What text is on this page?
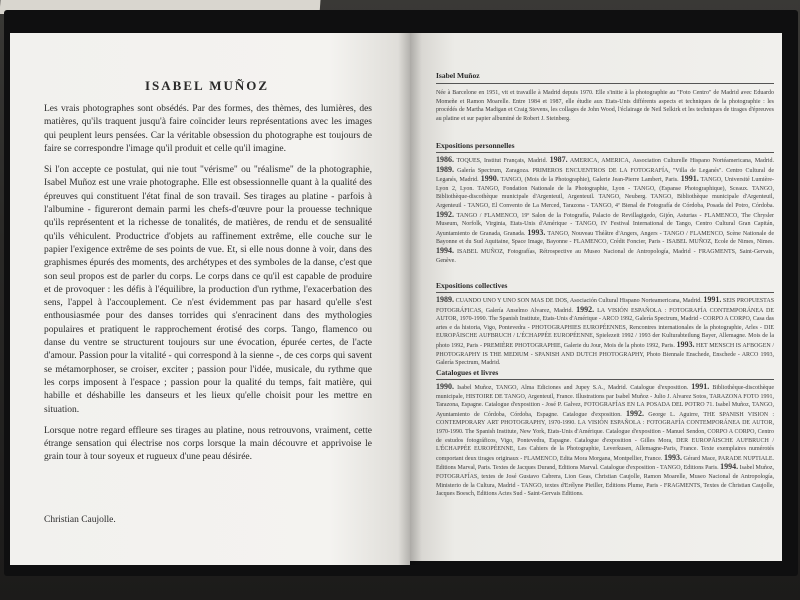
ISABEL MUÑOZ

Les vrais photographes sont obsédés. Par des formes, des thèmes, des lumières, des matières, qu'ils traquent jusqu'à faire coïncider leurs représentations avec les images qui peuplent leurs pensées. Car la véritable obsession du photographe est toujours de faire se correspondre l'image qu'il produit et celle qu'il imagine.

Si l'on accepte ce postulat, qui nie tout "vérisme" ou "réalisme" de la photographie, Isabel Muñoz est une vraie photographe. Elle est obsessionnelle quant à la qualité des épreuves qui constituent l'état final de son travail. Ses tirages au platine - parfois à l'albumine - figureront demain parmi les chefs-d'œuvre pour la prouesse technique qu'ils représentent et la richesse de tonalités, de matières, de rendu et de sensualité qu'ils véhiculent. Productrice d'objets au raffinement extrême, elle couche sur le papier l'exigence extrême de ses points de vue. Et, si elle nous donne à voir, dans des graphismes épurés des moments, des archétypes et des symboles de la danse, c'est que son seul propos est de parler du corps. Le corps dans ce qu'il est capable de produire et de provoquer : les défis à l'équilibre, la production d'un rythme, l'exacerbation des sens, l'appel à l'accouplement. Ce n'est évidemment pas par hasard qu'elle s'est enthousiasmée pour des danses torrides qui s'enracinent dans des mythologies populaires et pratiquent le rapprochement érotisé des corps. Tango, flamenco ou danse du ventre se structurent toujours sur une évocation, épurée certes, de l'acte d'amour. Passion pour la vitalité - qui correspond à la sienne -, de ces corps qui savent se métamorphoser, se croiser, exciter ; passion pour l'idée, musicale, du rythme que les corps imposent à l'espace ; passion pour la qualité du temps, fait matière, qui habille et déshabille les danseurs et les lieux qu'elle choisit pour les mettre en situation.

Lorsque notre regard effleure ses tirages au platine, nous retrouvons, vraiment, cette étrange sensation qui électrise nos corps lorsque la main découvre et apprivoise le grain tour à tour soyeux et rugueux d'une peau désirée.

Christian Caujolle.
Isabel Muñoz
Née à Barcelone en 1951, vit et travaille à Madrid depuis 1970. Elle s'initie à la photographie au "Foto Centro" de Madrid avec Eduardo Momeñe et Ramon Moarelle. Entre 1984 et 1987, elle étudie aux Etats-Unis différents aspects et techniques de la photographie : les procédés de Martha Madigan et Craig Stevens, les collages de John Wood, l'éclairage de Neil Selkirk et les techniques de tirages d'épreuves au platine et sur papier albuminé de Robert J. Steinberg.
Expositions personnelles
1986. TOQUES, Institut Français, Madrid. 1987. AMERICA, AMERICA, Association Culturelle Hispano Nortéamericana, Madrid. 1989. Galería Spectrum, Zaragoza. PRIMEROS ENCUENTROS DE LA FOTOGRAFÍA, "Villa de Leganés". Centro Cultural de Leganés, Madrid. 1990. TANGO, (Mois de la Photographie), Galerie Jean-Pierre Lambert, Paris. 1991. TANGO, Université Lumière-Lyon 2, Lyon. TANGO, Fondation Nationale de la Photographie, Lyon - TANGO, (Espanse Photographique), Sceaux. TANGO, Bibliothèque-discothèque municipale d'Argenteuil, Argenteuil. TANGO, Neuberg. TANGO, Bibliothèque municipale d'Argenteuil, Argenteuil - TANGO, El Convento de La Merced, Tarazona - TANGO, 4ª Bienal de Fotografía de Córdoba, Posada del Potro, Córdoba. 1992. TANGO / FLAMENCO, 19º Salon de la Fotografía, Palacio de Revillagigedo, Gijón, Asturias - FLAMENCO, The Chrysler Museum, Norfolk, Virginia, Etats-Unis d'Amérique - TANGO, IV Festival International de Tango, Centro Cultural Gran Capitán, Ayuntamiento de Granada, Granada. 1993. TANGO, Nouveau Théâtre d'Angers, Angers - TANGO / FLAMENCO, Scène Nationale de Bayonne et du Sud Aquitaine, Space Image, Bayonne - FLAMENCO, Crédit Foncier, Paris - ISABEL MUÑOZ, Ecole de Nimes, Nimes. 1994. ISABEL MUÑOZ, Fotografías, Rétrospective au Museo Nacional de Antropología, Madrid - FRAGMENTS, Saint-Gervais, Genève.
Expositions collectives
1989. CUANDO UNO Y UNO SON MAS DE DOS, Asociación Cultural Hispano Norteamericana, Madrid. 1991. SEIS PROPUESTAS FOTOGRÁFICAS, Galería Anselmo Alvarez, Madrid. 1992. LA VISIÓN ESPAÑOLA : FOTOGRAFÍA CONTEMPORÁNEA DE AUTOR, 1970-1990. The Spanish Institute, Etats-Unis d'Amérique - ARCO 1992, Galería Spectrum, Madrid - CORPO A CORPO, Casa das artes e da historia, Vigo, Pontevedra - PHOTOGRAPHIES EUROPÉENNES, Rencontres internationales de la photographie, Arles - DIE EUROPÄISCHE AUFBRUCH / L'ÉCHAPPÉE EUROPÉENNE, Spielezeit 1992 / 1993 der Kulturabteilung Bayer, Allemagne. Mois de la photo 1992, Paris - PREMIÈRE PHOTOGRAPHIE, Galerie du Jour, Mois de la photo 1992, Paris. 1993. HET MENSCH IS AFBOGEN / PHOTOGRAPHY IS THE MEDIUM - SPANISH AND DUTCH PHOTOGRAPHY, Photo Biennale Enschede, Enschede - ARCO 1993, Galería Spectrum, Madrid.
Catalogues et livres
1990. Isabel Muñoz, TANGO, Alma Ediciones and Jupey S.A., Madrid. Catalogue d'exposition. 1991. Bibliothèque-discothèque municipale, HISTOIRE DE TANGO, Argenteuil, France. Illustrations par Isabel Muñoz - Julio J. Alvarez Sotos, TARAZONA FOTO 1991, Tarazona, Espagne. Catalogue d'exposition - José P. Galvez, FOTOGRAFÍAS EN LA POSADA DEL POTRO 71. Isabel Muñoz, TANGO, Ayuntamiento de Córdoba, Córdoba, Espagne. Catalogue d'exposition. 1992. George L. Aguirre, THE SPANISH VISION : CONTEMPORARY ART PHOTOGRAPHY, 1970-1990. LA VISIÓN ESPAÑOLA : FOTOGRAFÍA CONTEMPORÁNEA DE AUTOR, 1970-1990. The Spanish Institute, New York, Etats-Unis d'Amérique. Catalogue d'exposition - Manuel Sendon, CORPO A CORPO, Centro de estudos fotográficos, Vigo, Pontevedra, Espagne. Catalogue d'exposition - Gilles Mora, DER EUROPÄISCHE AUFBRUCH / L'ÉCHAPPÉE EUROPÉENNE, Les Cahiers de la Photographie, Leverkusen, Allemagne-Paris, France. Texte exemplaires numérotés comportant deux tirages originaux - FLAMENCO, Edita Mora Morgana, Montpellier, France. 1993. Gérard Mace, PARADE NUPTIALE. Editions Marval, Paris. Textes de Jacques Durand, Editions Marval. Catalogue d'exposition - TANGO, Editions Paris. 1994. Isabel Muñoz, FOTOGRAFÍAS, textes de José Gustavo Cabrera, Lion Geas, Christian Caujolle, Ramon Moarelle, Museo Nacional de Antropología, Ministerio de la Cultura, Madrid - TANGO, textes d'Erélyne Pieiller, Editions Plume, Paris - FRAGMENTS, Textes de Christian Caujolle, Jacques Boesch, Editions Actes Sud - Saint-Gervais Editions.
